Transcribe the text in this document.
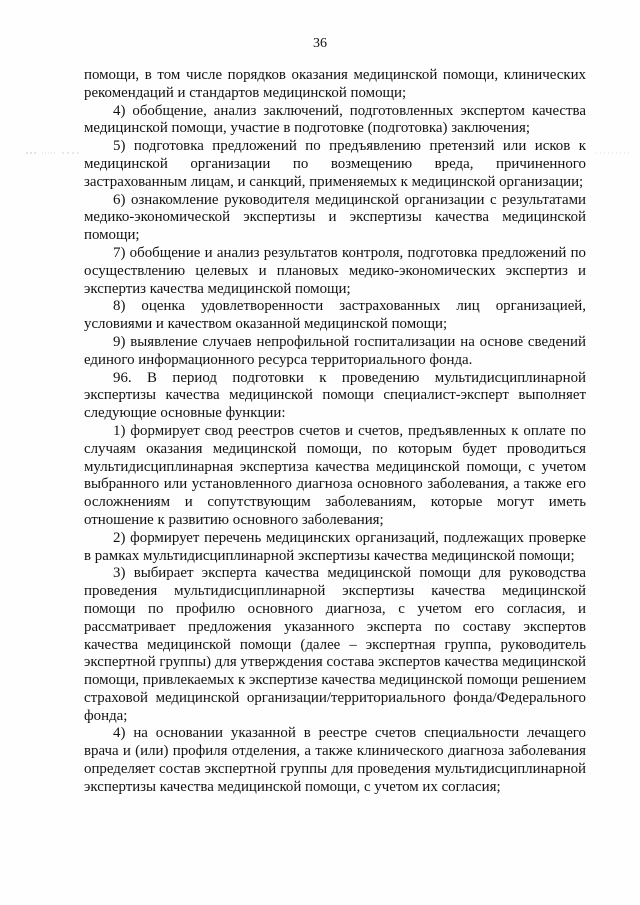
36

помощи, в том числе порядков оказания медицинской помощи, клинических рекомендаций и стандартов медицинской помощи;

4) обобщение, анализ заключений, подготовленных экспертом качества медицинской помощи, участие в подготовке (подготовка) заключения;

5) подготовка предложений по предъявлению претензий или исков к медицинской организации по возмещению вреда, причиненного застрахованным лицам, и санкций, применяемых к медицинской организации;

6) ознакомление руководителя медицинской организации с результатами медико-экономической экспертизы и экспертизы качества медицинской помощи;

7) обобщение и анализ результатов контроля, подготовка предложений по осуществлению целевых и плановых медико-экономических экспертиз и экспертиз качества медицинской помощи;

8) оценка удовлетворенности застрахованных лиц организацией, условиями и качеством оказанной медицинской помощи;

9) выявление случаев непрофильной госпитализации на основе сведений единого информационного ресурса территориального фонда.

96. В период подготовки к проведению мультидисциплинарной экспертизы качества медицинской помощи специалист-эксперт выполняет следующие основные функции:

1) формирует свод реестров счетов и счетов, предъявленных к оплате по случаям оказания медицинской помощи, по которым будет проводиться мультидисциплинарная экспертиза качества медицинской помощи, с учетом выбранного или установленного диагноза основного заболевания, а также его осложнениям и сопутствующим заболеваниям, которые могут иметь отношение к развитию основного заболевания;

2) формирует перечень медицинских организаций, подлежащих проверке в рамках мультидисциплинарной экспертизы качества медицинской помощи;

3) выбирает эксперта качества медицинской помощи для руководства проведения мультидисциплинарной экспертизы качества медицинской помощи по профилю основного диагноза, с учетом его согласия, и рассматривает предложения указанного эксперта по составу экспертов качества медицинской помощи (далее – экспертная группа, руководитель экспертной группы) для утверждения состава экспертов качества медицинской помощи, привлекаемых к экспертизе качества медицинской помощи решением страховой медицинской организации/территориального фонда/Федерального фонда;

4) на основании указанной в реестре счетов специальности лечащего врача и (или) профиля отделения, а также клинического диагноза заболевания определяет состав экспертной группы для проведения мультидисциплинарной экспертизы качества медицинской помощи, с учетом их согласия;
